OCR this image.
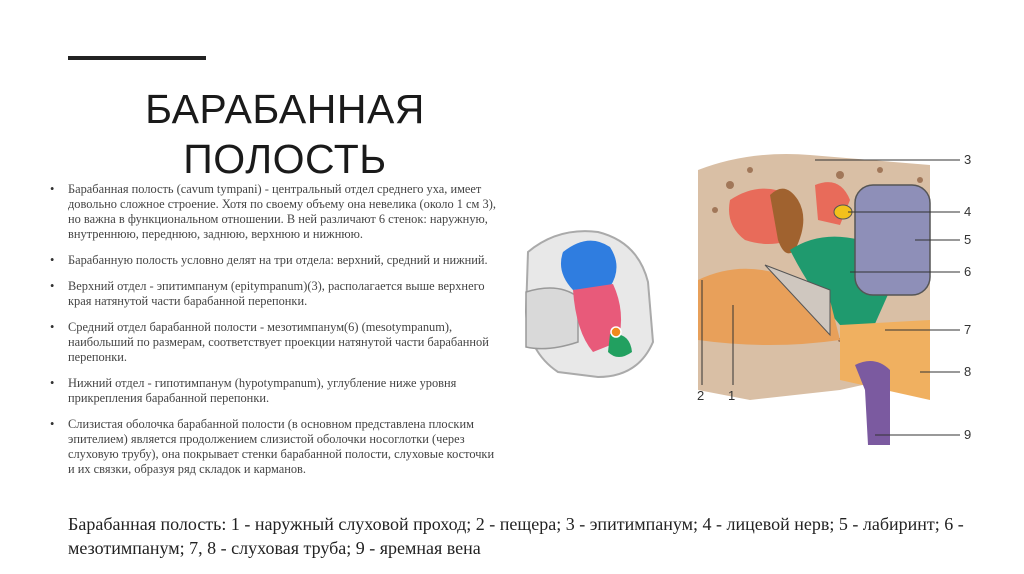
БАРАБАННАЯ
ПОЛОСТЬ
• Барабанная полость (cavum tympani) - центральный отдел среднего уха, имеет довольно сложное строение. Хотя по своему объему она невелика (около 1 см 3), но важна в функциональном отношении. В ней различают 6 стенок: наружную, внутреннюю, переднюю, заднюю, верхнюю и нижнюю.
• Барабанную полость условно делят на три отдела: верхний, средний и нижний.
• Верхний отдел - эпитимпанум (epitympanum)(3), располагается выше верхнего края натянутой части барабанной перепонки.
• Средний отдел барабанной полости - мезотимпанум(6) (mesotympanum), наибольший по размерам, соответствует проекции натянутой части барабанной перепонки.
• Нижний отдел - гипотимпанум (hypotympanum), углубление ниже уровня прикрепления барабанной перепонки.
• Слизистая оболочка барабанной полости (в основном представлена плоским эпителием) является продолжением слизистой оболочки носоглотки (через слуховую трубу), она покрывает стенки барабанной полости, слуховые косточки и их связки, образуя ряд складок и карманов.
1
2
3
4
5
6
7
8
9
Барабанная полость: 1 - наружный слуховой проход; 2 - пещера; 3 - эпитимпанум; 4 - лицевой нерв; 5 - лабиринт; 6 - мезотимпанум; 7, 8 - слуховая труба; 9 - яремная вена
